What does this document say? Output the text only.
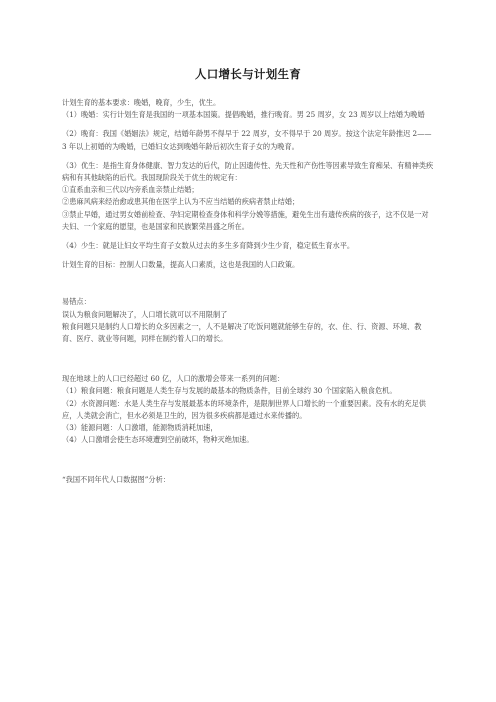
人口增长与计划生育

计划生育的基本要求：晚婚，晚育，少生，优生。

（1）晚婚：实行计划生育是我国的一项基本国策。提倡晚婚，推行晚育。男 25 周岁，女 23 周岁以上结婚为晚婚

（2）晚育：我国《婚姻法》规定，结婚年龄男不得早于 22 周岁，女不得早于 20 周岁。按这个法定年龄推迟 2——3 年以上初婚的为晚婚，已婚妇女达到晚婚年龄后初次生育子女的为晚育。

（3）优生：是指生育身体健康、智力发达的后代，防止因遗传性、先天性和产伤性等因素导致生育痴呆、有精神类疾病和有其他缺陷的后代。我国现阶段关于优生的规定有：

①直系血亲和三代以内旁系血亲禁止结婚；

②患麻风病来经治愈或患其他在医学上认为不应当结婚的疾病者禁止结婚；

③禁止早婚，通过男女婚前检查、孕妇定期检查身体和科学分娩等措施，避免生出有遗传疾病的孩子，这不仅是一对夫妇、一个家庭的愿望，也是国家和民族繁荣昌盛之所在。

（4）少生：就是让妇女平均生育子女数从过去的多生多育降到少生少育，稳定低生育水平。

计划生育的目标：控制人口数量，提高人口素质，这也是我国的人口政策。

易错点：

误认为粮食问题解决了，人口增长就可以不用限制了

粮食问题只是制约人口增长的众多因素之一，人不是解决了吃饭问题就能够生存的，衣、住、行、资源、环境、教育、医疗、就业等问题，同样在制约着人口的增长。

现在地球上的人口已经超过 60 亿，人口的激增会带来一系列的问题：

（1）粮食问题：粮食问题是人类生存与发展的最基本的物质条件，目前全球约 30 个国家陷入粮食危机。

（2）水资源问题：水是人类生存与发展最基本的环境条件，是限制世界人口增长的一个重要因素。没有水的充足供应，人类就会消亡，但水必须是卫生的，因为很多疾病都是通过水来传播的。

（3）能源问题：人口激增，能源物质消耗加速，

（4）人口激增会使生态环境遭到空前破坏，物种灭绝加速。

“我国不同年代人口数据图”分析：
